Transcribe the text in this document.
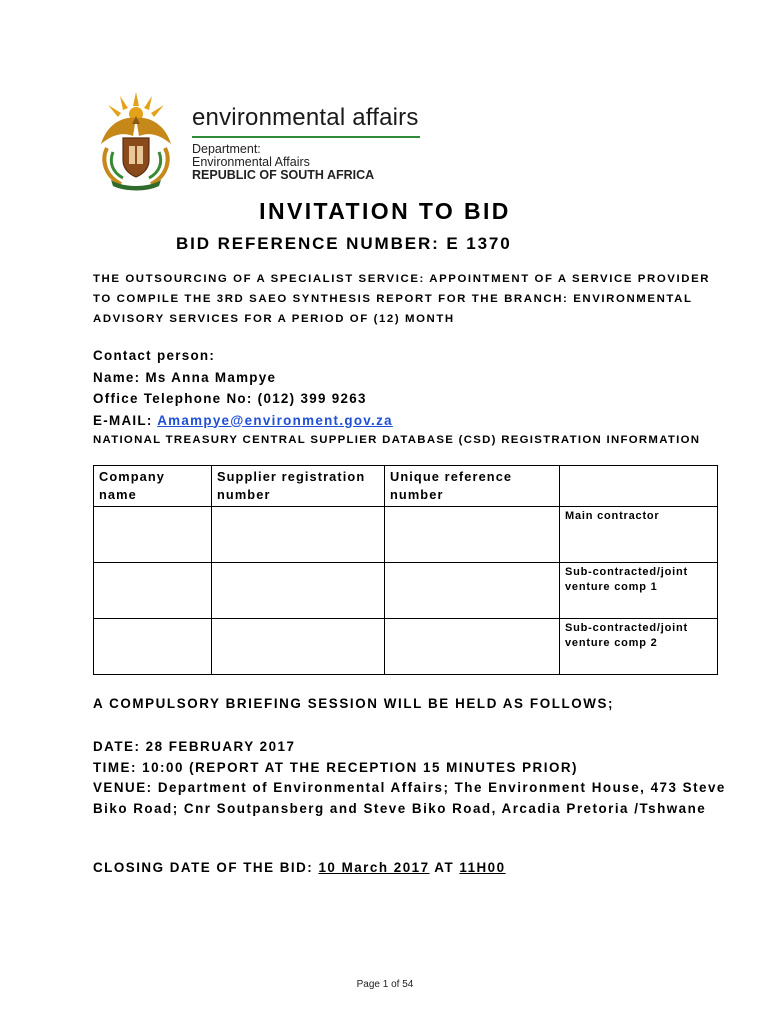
environmental affairs
Department:
Environmental Affairs
REPUBLIC OF SOUTH AFRICA
INVITATION TO BID
BID REFERENCE NUMBER: E 1370
THE OUTSOURCING OF A SPECIALIST SERVICE: APPOINTMENT OF A SERVICE PROVIDER TO COMPILE THE 3RD SAEO SYNTHESIS REPORT FOR THE BRANCH: ENVIRONMENTAL ADVISORY SERVICES FOR A PERIOD OF (12) MONTH
Contact person:
Name: Ms Anna Mampye
Office Telephone No: (012) 399 9263
E-MAIL: Amampye@environment.gov.za
NATIONAL TREASURY CENTRAL SUPPLIER DATABASE (CSD) REGISTRATION INFORMATION
Company name	Supplier registration number	Unique reference number	
			Main contractor
			Sub-contracted/joint venture comp 1
			Sub-contracted/joint venture comp 2
A COMPULSORY BRIEFING SESSION WILL BE HELD AS FOLLOWS;
DATE: 28 FEBRUARY 2017
TIME: 10:00 (REPORT AT THE RECEPTION 15 MINUTES PRIOR)
VENUE: Department of Environmental Affairs; The Environment House, 473 Steve Biko Road; Cnr Soutpansberg and Steve Biko Road, Arcadia Pretoria /Tshwane
CLOSING DATE OF THE BID: 10 March 2017 AT 11H00
Page 1 of 54
